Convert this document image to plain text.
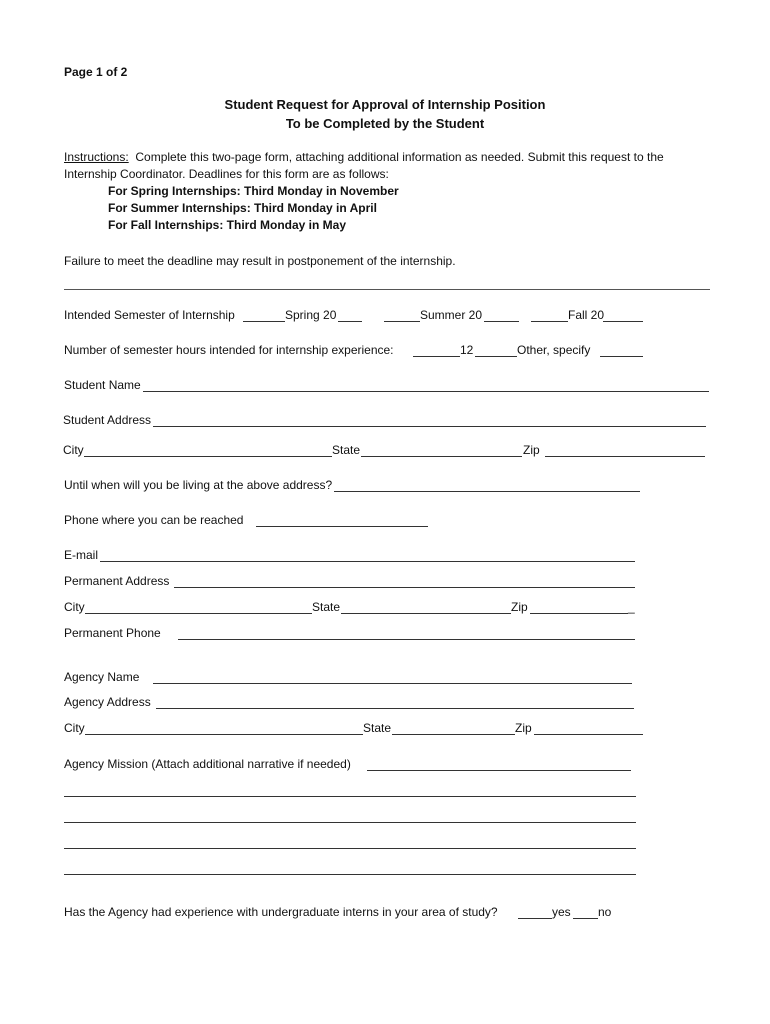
Page 1 of 2
Student Request for Approval of Internship Position
To be Completed by the Student
Instructions: Complete this two-page form, attaching additional information as needed. Submit this request to the Internship Coordinator. Deadlines for this form are as follows:
For Spring Internships: Third Monday in November
For Summer Internships: Third Monday in April
For Fall Internships: Third Monday in May
Failure to meet the deadline may result in postponement of the internship.
Intended Semester of Internship	Spring 20	Summer 20	Fall 20
Number of semester hours intended for internship experience:	12	Other, specify
Student Name
Student Address
City	State	Zip
Until when will you be living at the above address?
Phone where you can be reached
E-mail
Permanent Address
City	State	Zip	_
Permanent Phone
Agency Name
Agency Address
City	State	Zip
Agency Mission (Attach additional narrative if needed)
Has the Agency had experience with undergraduate interns in your area of study?	yes no
